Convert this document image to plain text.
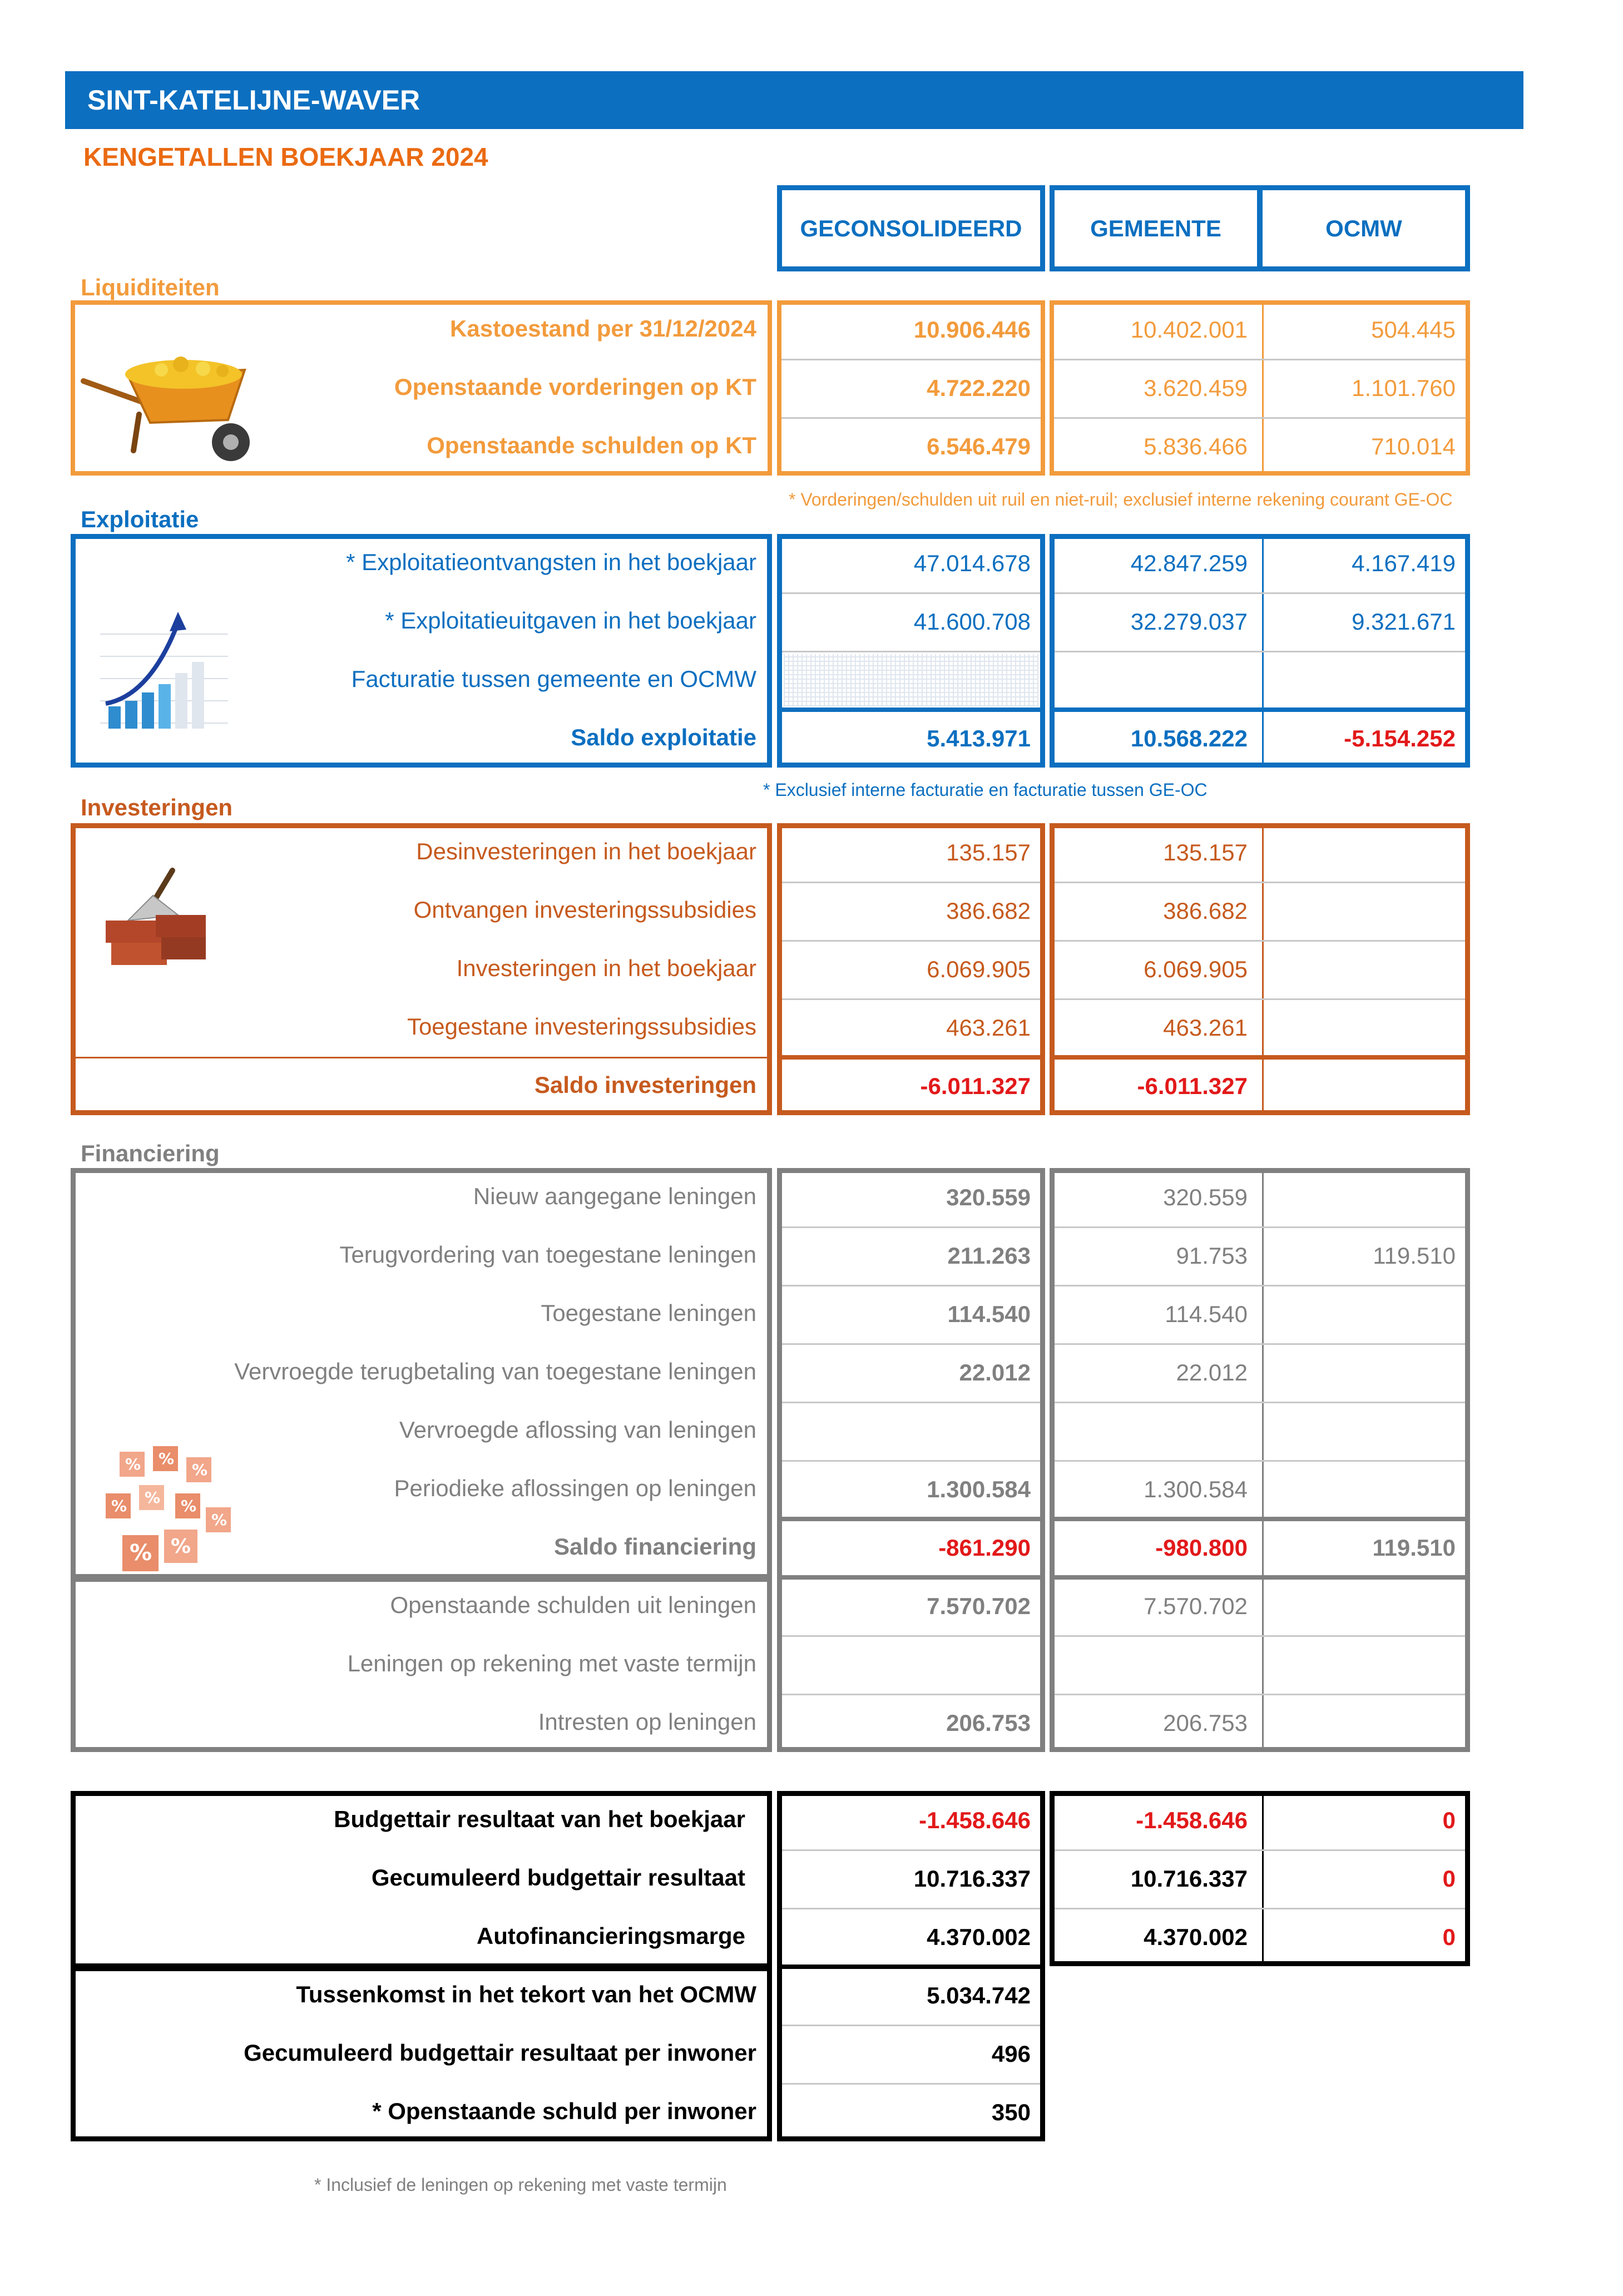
SINT-KATELIJNE-WAVER
KENGETALLEN BOEKJAAR 2024
GECONSOLIDEERD	GEMEENTE	OCMW
Liquiditeiten
Kastoestand per 31/12/2024	10.906.446	10.402.001	504.445
Openstaande vorderingen op KT	4.722.220	3.620.459	1.101.760
Openstaande schulden op KT	6.546.479	5.836.466	710.014
* Vorderingen/schulden uit ruil en niet-ruil; exclusief interne rekening courant GE-OC
Exploitatie
* Exploitatieontvangsten in het boekjaar	47.014.678	42.847.259	4.167.419
* Exploitatieuitgaven in het boekjaar	41.600.708	32.279.037	9.321.671
Facturatie tussen gemeente en OCMW
Saldo exploitatie	5.413.971	10.568.222	-5.154.252
* Exclusief interne facturatie en facturatie tussen GE-OC
Investeringen
Desinvesteringen in het boekjaar	135.157	135.157
Ontvangen investeringssubsidies	386.682	386.682
Investeringen in het boekjaar	6.069.905	6.069.905
Toegestane investeringssubsidies	463.261	463.261
Saldo investeringen	-6.011.327	-6.011.327
Financiering
Nieuw aangegane leningen	320.559	320.559
Terugvordering van toegestane leningen	211.263	91.753	119.510
Toegestane leningen	114.540	114.540
Vervroegde terugbetaling van toegestane leningen	22.012	22.012
Vervroegde aflossing van leningen
Periodieke aflossingen op leningen	1.300.584	1.300.584
Saldo financiering	-861.290	-980.800	119.510
Openstaande schulden uit leningen	7.570.702	7.570.702
Leningen op rekening met vaste termijn
Intresten op leningen	206.753	206.753
Budgettair resultaat van het boekjaar	-1.458.646	-1.458.646	0
Gecumuleerd budgettair resultaat	10.716.337	10.716.337	0
Autofinancieringsmarge	4.370.002	4.370.002	0
Tussenkomst in het tekort van het OCMW	5.034.742
Gecumuleerd budgettair resultaat per inwoner	496
* Openstaande schuld per inwoner	350
* Inclusief de leningen op rekening met vaste termijn
% %
%
% % %
%
% %
